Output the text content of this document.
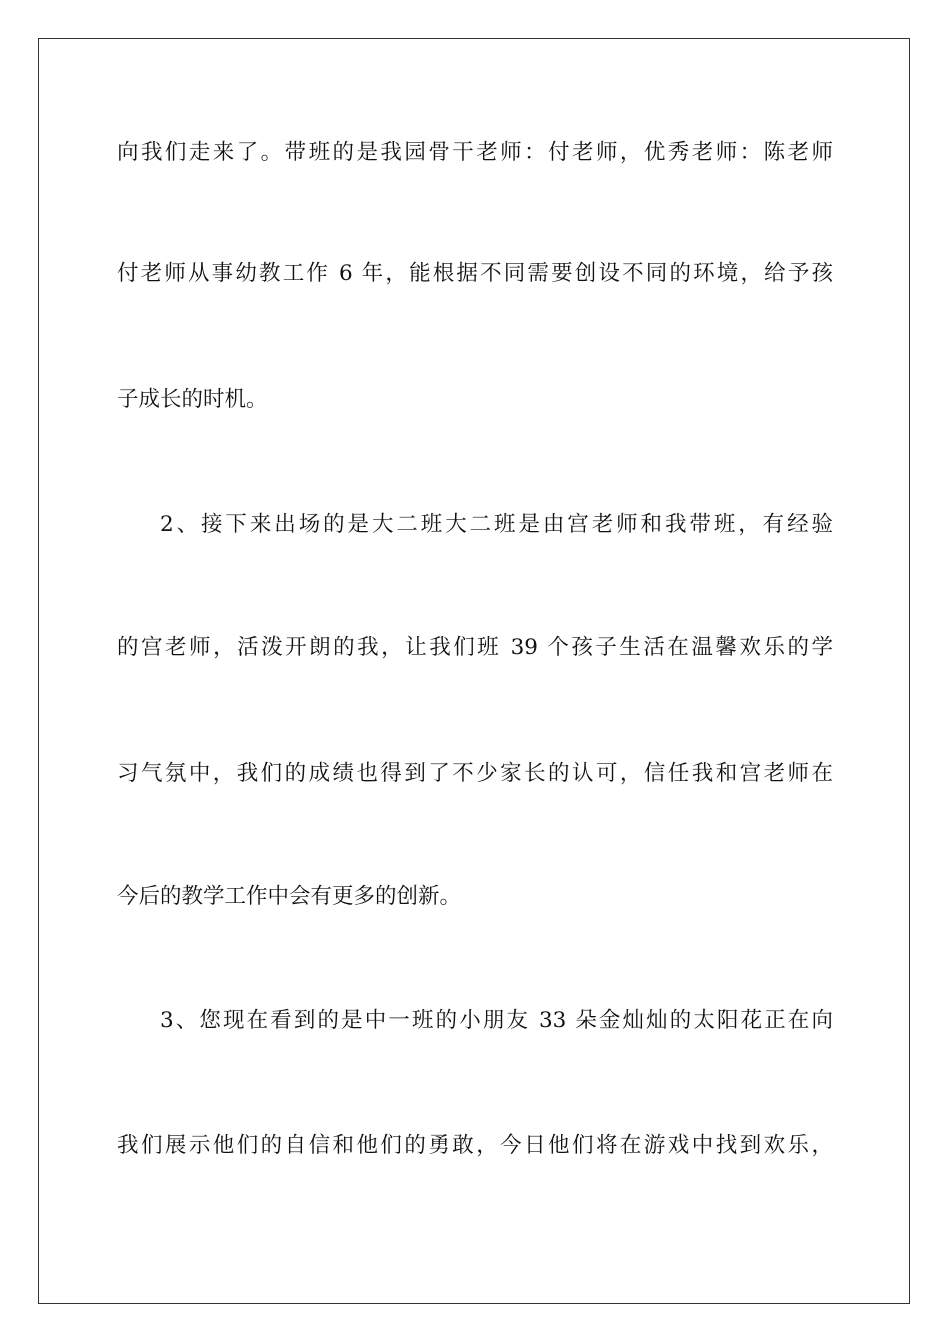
向我们走来了。带班的是我园骨干老师：付老师，优秀老师：陈老师
付老师从事幼教工作 6 年，能根据不同需要创设不同的环境，给予孩
子成长的时机。
2、接下来出场的是大二班大二班是由宫老师和我带班，有经验
的宫老师，活泼开朗的我，让我们班 39 个孩子生活在温馨欢乐的学
习气氛中，我们的成绩也得到了不少家长的认可，信任我和宫老师在
今后的教学工作中会有更多的创新。
3、您现在看到的是中一班的小朋友 33 朵金灿灿的太阳花正在向
我们展示他们的自信和他们的勇敢，今日他们将在游戏中找到欢乐，
